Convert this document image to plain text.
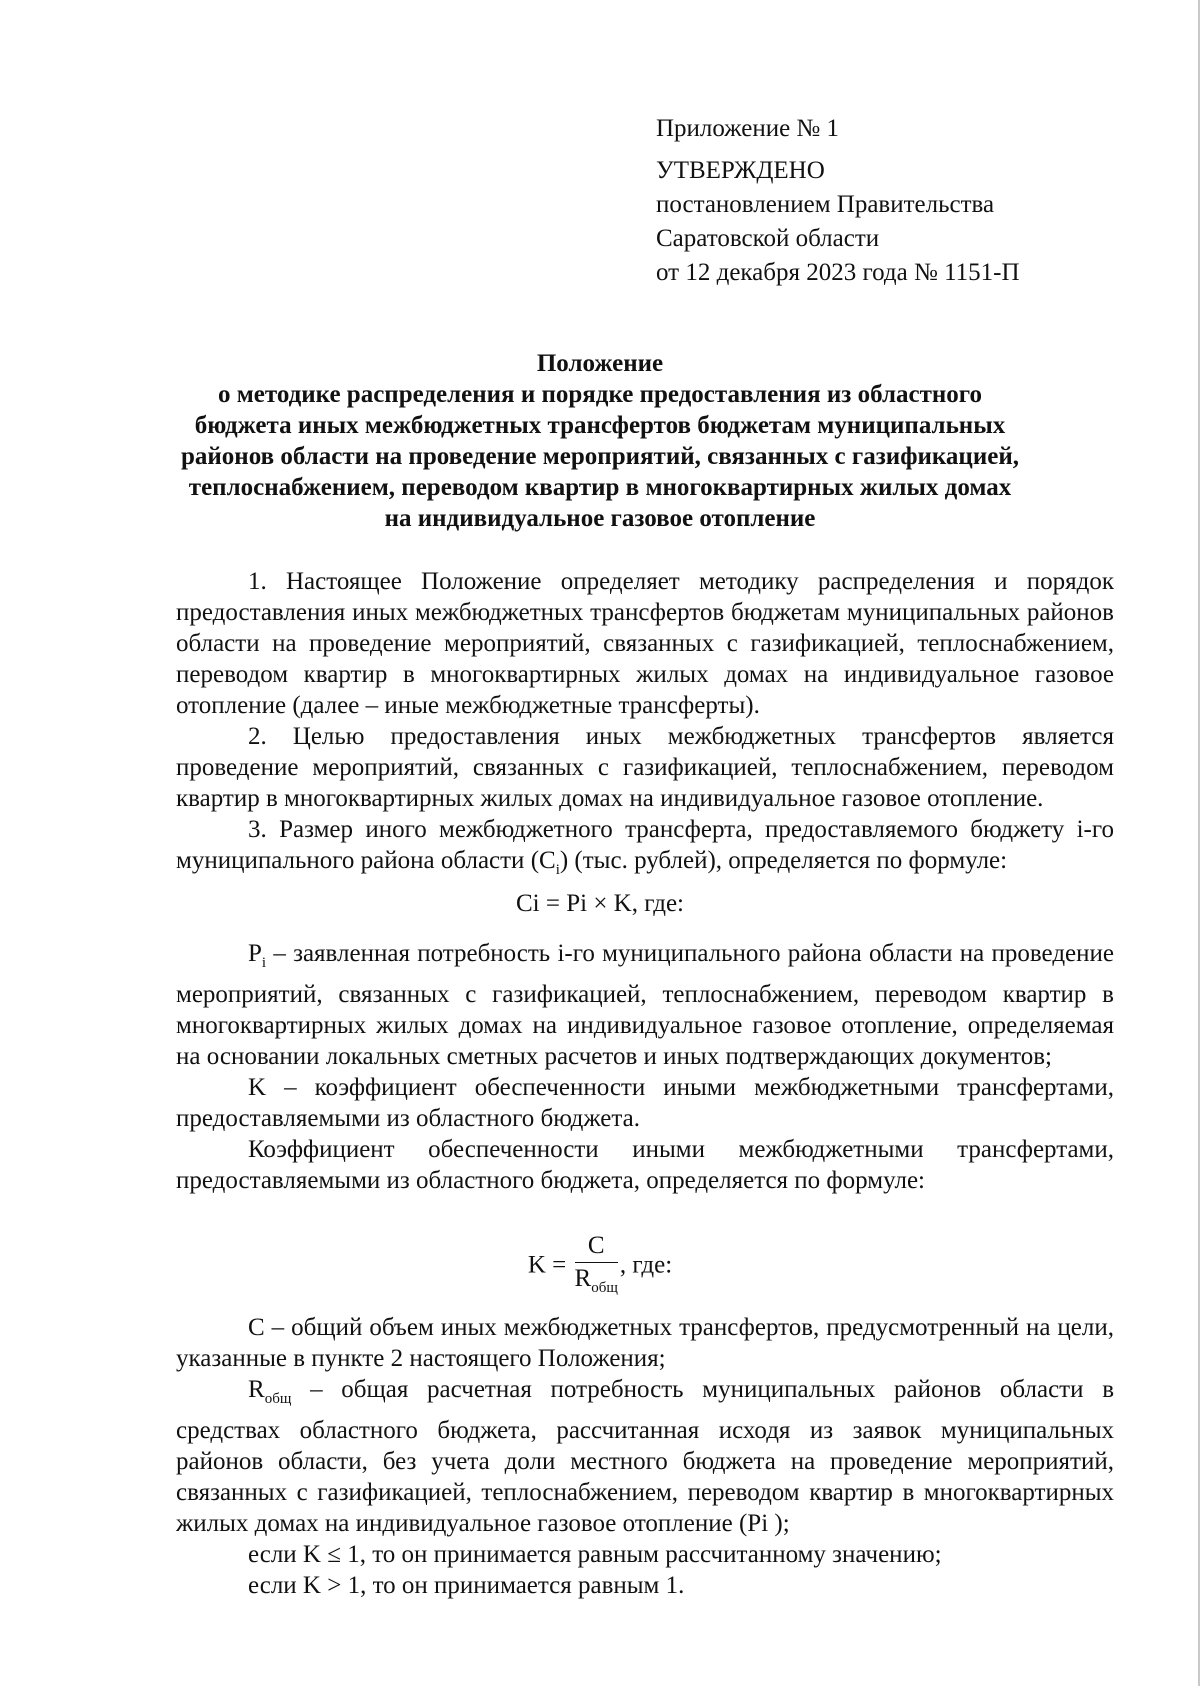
Приложение № 1
УТВЕРЖДЕНО
постановлением Правительства
Саратовской области
от 12 декабря 2023 года № 1151-П
Положение
о методике распределения и порядке предоставления из областного
бюджета иных межбюджетных трансфертов бюджетам муниципальных
районов области на проведение мероприятий, связанных с газификацией,
теплоснабжением, переводом квартир в многоквартирных жилых домах
на индивидуальное газовое отопление

1. Настоящее Положение определяет методику распределения и порядок предоставления иных межбюджетных трансфертов бюджетам муниципальных районов области на проведение мероприятий, связанных с газификацией, теплоснабжением, переводом квартир в многоквартирных жилых домах на индивидуальное газовое отопление (далее – иные межбюджетные трансферты).

2. Целью предоставления иных межбюджетных трансфертов является проведение мероприятий, связанных с газификацией, теплоснабжением, переводом квартир в многоквартирных жилых домах на индивидуальное газовое отопление.

3. Размер иного межбюджетного трансферта, предоставляемого бюджету i-го муниципального района области $(C_i)$ (тыс. рублей), определяется по формуле:

Ci = Pi × K, где:

$P_i$ – заявленная потребность i-го муниципального района области на проведение мероприятий, связанных с газификацией, теплоснабжением, переводом квартир в многоквартирных жилых домах на индивидуальное газовое отопление, определяемая на основании локальных сметных расчетов и иных подтверждающих документов;

K – коэффициент обеспеченности иными межбюджетными трансфертами, предоставляемыми из областного бюджета.

Коэффициент обеспеченности иными межбюджетными трансфертами, предоставляемыми из областного бюджета, определяется по формуле:

$K = \frac{C}{R_{общ}}$ , где:

С – общий объем иных межбюджетных трансфертов, предусмотренный на цели, указанные в пункте 2 настоящего Положения;

$R_{общ}$ – общая расчетная потребность муниципальных районов области в средствах областного бюджета, рассчитанная исходя из заявок муниципальных районов области, без учета доли местного бюджета на проведение мероприятий, связанных с газификацией, теплоснабжением, переводом квартир в многоквартирных жилых домах на индивидуальное газовое отопление (Pi );

если K ≤ 1, то он принимается равным рассчитанному значению;

если K > 1, то он принимается равным 1.
